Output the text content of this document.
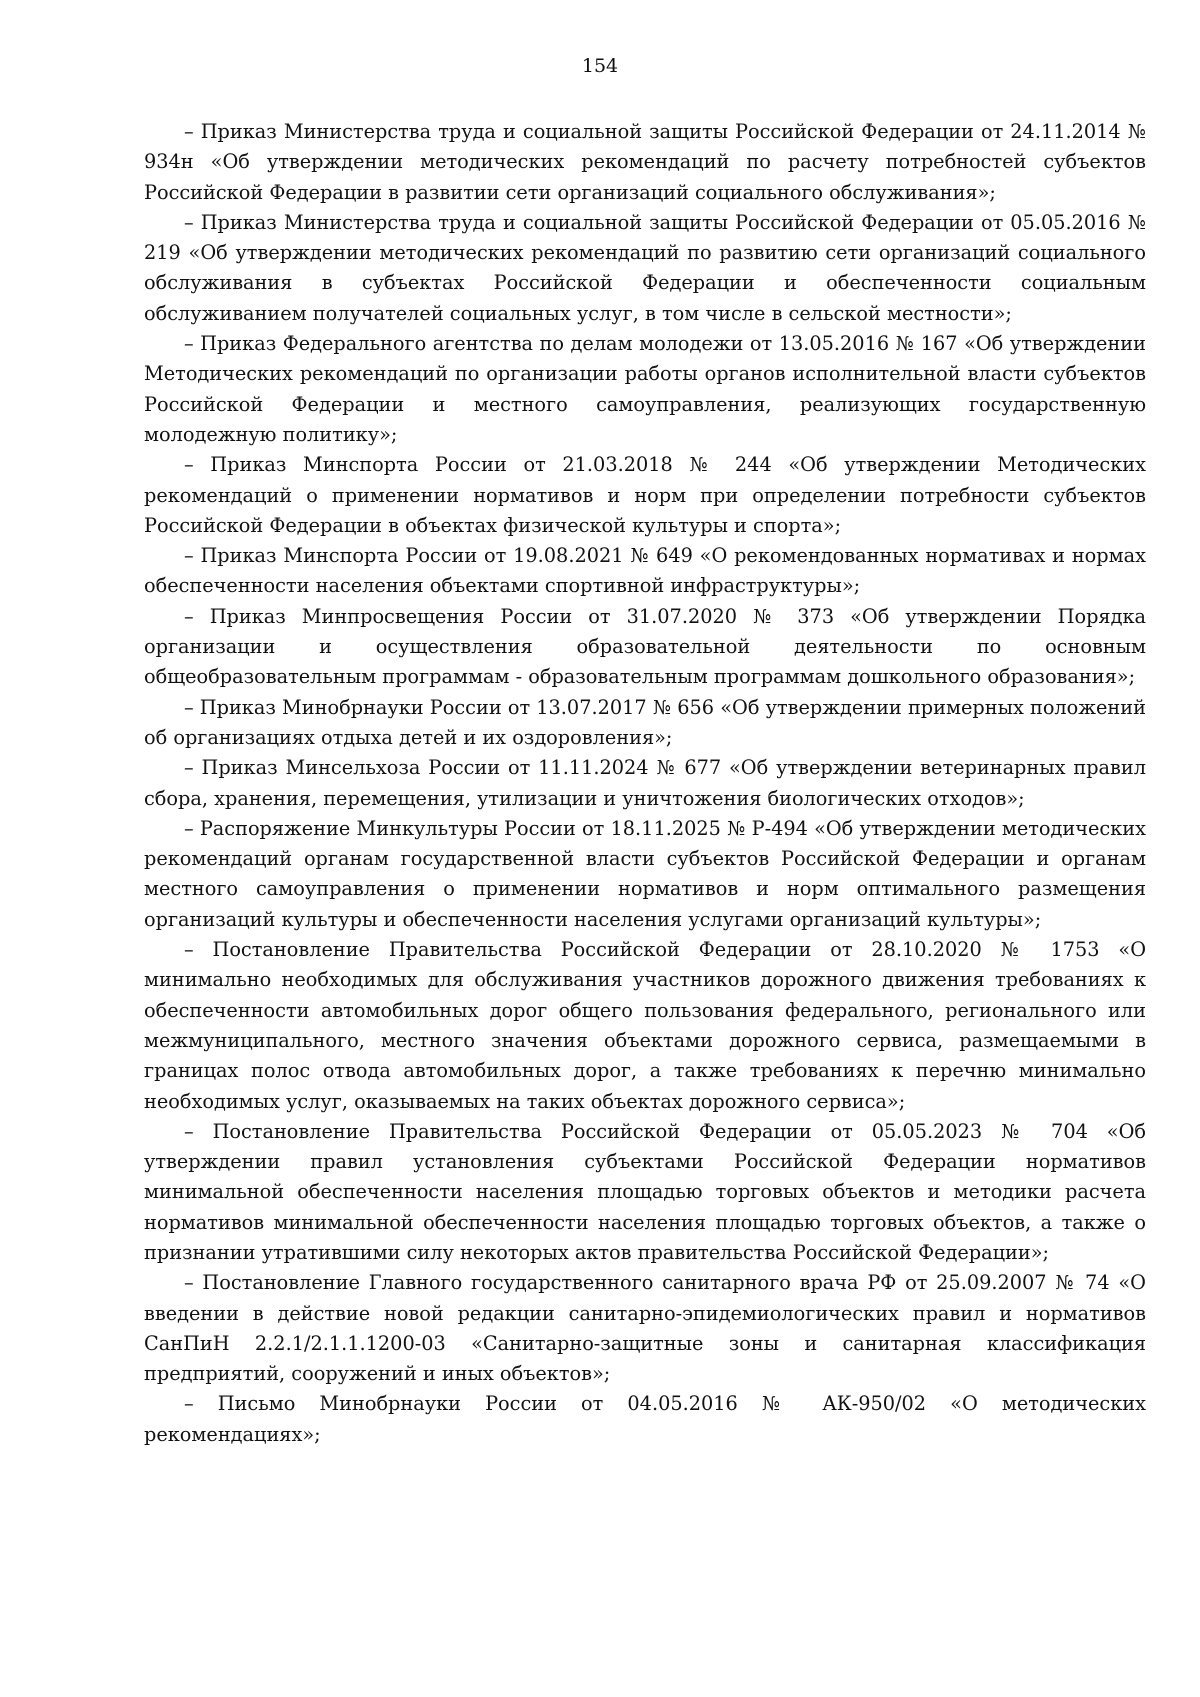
154

– Приказ Министерства труда и социальной защиты Российской Федерации от 24.11.2014 № 934н «Об утверждении методических рекомендаций по расчету потребностей субъектов Российской Федерации в развитии сети организаций социального обслуживания»;

– Приказ Министерства труда и социальной защиты Российской Федерации от 05.05.2016 № 219 «Об утверждении методических рекомендаций по развитию сети организаций социального обслуживания в субъектах Российской Федерации и обеспеченности социальным обслуживанием получателей социальных услуг, в том числе в сельской местности»;

– Приказ Федерального агентства по делам молодежи от 13.05.2016 № 167 «Об утверждении Методических рекомендаций по организации работы органов исполнительной власти субъектов Российской Федерации и местного самоуправления, реализующих государственную молодежную политику»;

– Приказ Минспорта России от 21.03.2018 № 244 «Об утверждении Методических рекомендаций о применении нормативов и норм при определении потребности субъектов Российской Федерации в объектах физической культуры и спорта»;

– Приказ Минспорта России от 19.08.2021 № 649 «О рекомендованных нормативах и нормах обеспеченности населения объектами спортивной инфраструктуры»;

– Приказ Минпросвещения России от 31.07.2020 № 373 «Об утверждении Порядка организации и осуществления образовательной деятельности по основным общеобразовательным программам - образовательным программам дошкольного образования»;

– Приказ Минобрнауки России от 13.07.2017 № 656 «Об утверждении примерных положений об организациях отдыха детей и их оздоровления»;

– Приказ Минсельхоза России от 11.11.2024 № 677 «Об утверждении ветеринарных правил сбора, хранения, перемещения, утилизации и уничтожения биологических отходов»;

– Распоряжение Минкультуры России от 18.11.2025 № Р-494 «Об утверждении методических рекомендаций органам государственной власти субъектов Российской Федерации и органам местного самоуправления о применении нормативов и норм оптимального размещения организаций культуры и обеспеченности населения услугами организаций культуры»;

– Постановление Правительства Российской Федерации от 28.10.2020 № 1753 «О минимально необходимых для обслуживания участников дорожного движения требованиях к обеспеченности автомобильных дорог общего пользования федерального, регионального или межмуниципального, местного значения объектами дорожного сервиса, размещаемыми в границах полос отвода автомобильных дорог, а также требованиях к перечню минимально необходимых услуг, оказываемых на таких объектах дорожного сервиса»;

– Постановление Правительства Российской Федерации от 05.05.2023 № 704 «Об утверждении правил установления субъектами Российской Федерации нормативов минимальной обеспеченности населения площадью торговых объектов и методики расчета нормативов минимальной обеспеченности населения площадью торговых объектов, а также о признании утратившими силу некоторых актов правительства Российской Федерации»;

– Постановление Главного государственного санитарного врача РФ от 25.09.2007 № 74 «О введении в действие новой редакции санитарно-эпидемиологических правил и нормативов СанПиН 2.2.1/2.1.1.1200-03 «Санитарно-защитные зоны и санитарная классификация предприятий, сооружений и иных объектов»;

– Письмо Минобрнауки России от 04.05.2016 № АК-950/02 «О методических рекомендациях»;
